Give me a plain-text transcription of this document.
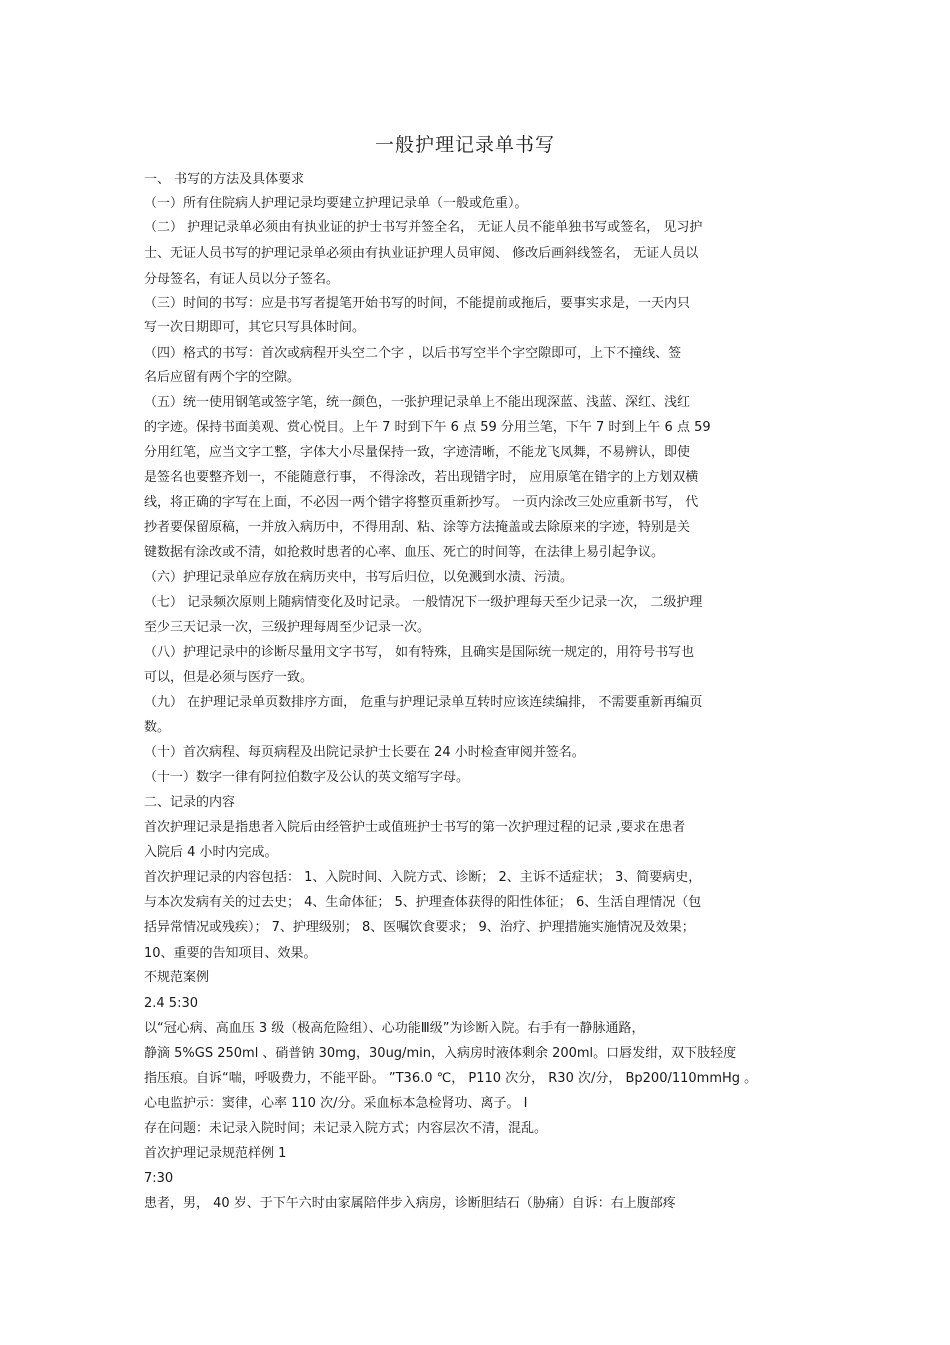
一般护理记录单书写
一、 书写的方法及具体要求
（一）所有住院病人护理记录均要建立护理记录单（一般或危重）。
（二） 护理记录单必须由有执业证的护士书写并签全名， 无证人员不能单独书写或签名， 见习护
士、无证人员书写的护理记录单必须由有执业证护理人员审阅、 修改后画斜线签名， 无证人员以
分母签名，有证人员以分子签名。
（三）时间的书写：应是书写者提笔开始书写的时间，不能提前或拖后，要事实求是，一天内只
写一次日期即可，其它只写具体时间。
（四）格式的书写：首次或病程开头空二个字 ，以后书写空半个字空隙即可，上下不撞线、签
名后应留有两个字的空隙。
（五）统一使用钢笔或签字笔，统一颜色，一张护理记录单上不能出现深蓝、浅蓝、深红、浅红
的字迹。保持书面美观、赏心悦目。上午 7 时到下午 6 点 59 分用兰笔，下午 7 时到上午 6 点 59
分用红笔，应当文字工整，字体大小尽量保持一致，字迹清晰，不能龙飞凤舞，不易辨认，即使
是签名也要整齐划一，不能随意行事， 不得涂改，若出现错字时， 应用原笔在错字的上方划双横
线，将正确的字写在上面，不必因一两个错字将整页重新抄写。 一页内涂改三处应重新书写， 代
抄者要保留原稿，一并放入病历中，不得用刮、粘、涂等方法掩盖或去除原来的字迹，特别是关
键数据有涂改或不清，如抢救时患者的心率、血压、死亡的时间等，在法律上易引起争议。
（六）护理记录单应存放在病历夹中，书写后归位，以免溅到水渍、污渍。
（七） 记录频次原则上随病情变化及时记录。 一般情况下一级护理每天至少记录一次， 二级护理
至少三天记录一次，三级护理每周至少记录一次。
（八）护理记录中的诊断尽量用文字书写， 如有特殊，且确实是国际统一规定的，用符号书写也
可以，但是必须与医疗一致。
（九） 在护理记录单页数排序方面， 危重与护理记录单互转时应该连续编排， 不需要重新再编页
数。
（十）首次病程、每页病程及出院记录护士长要在 24 小时检查审阅并签名。
（十一）数字一律有阿拉伯数字及公认的英文缩写字母。
二、记录的内容
首次护理记录是指患者入院后由经管护士或值班护士书写的第一次护理过程的记录 ,要求在患者
入院后 4 小时内完成。
首次护理记录的内容包括： 1、入院时间、入院方式、诊断； 2、主诉不适症状； 3、简要病史，
与本次发病有关的过去史； 4、生命体征； 5、护理查体获得的阳性体征； 6、生活自理情况（包
括异常情况或残疾）； 7、护理级别； 8、医嘱饮食要求； 9、治疗、护理措施实施情况及效果；
10、重要的告知项目、效果。
不规范案例
2.4 5:30
以“冠心病、高血压 3 级（极高危险组）、心功能Ⅲ级”为诊断入院。右手有一静脉通路，
静滴 5%GS 250ml 、硝普钠 30mg，30ug/min，入病房时液体剩余 200ml。口唇发绀，双下肢轻度
指压痕。自诉“喘，呼吸费力，不能平卧。 ”T36.0 ℃， P110 次分， R30 次/分， Bp200/110mmHg 。
心电监护示：窦律，心率 110 次/分。采血标本急检肾功、离子。 I
存在问题：未记录入院时间；未记录入院方式；内容层次不清，混乱。
首次护理记录规范样例 1
7:30
患者，男， 40 岁、于下午六时由家属陪伴步入病房，诊断胆结石（胁痛）自诉：右上腹部疼
